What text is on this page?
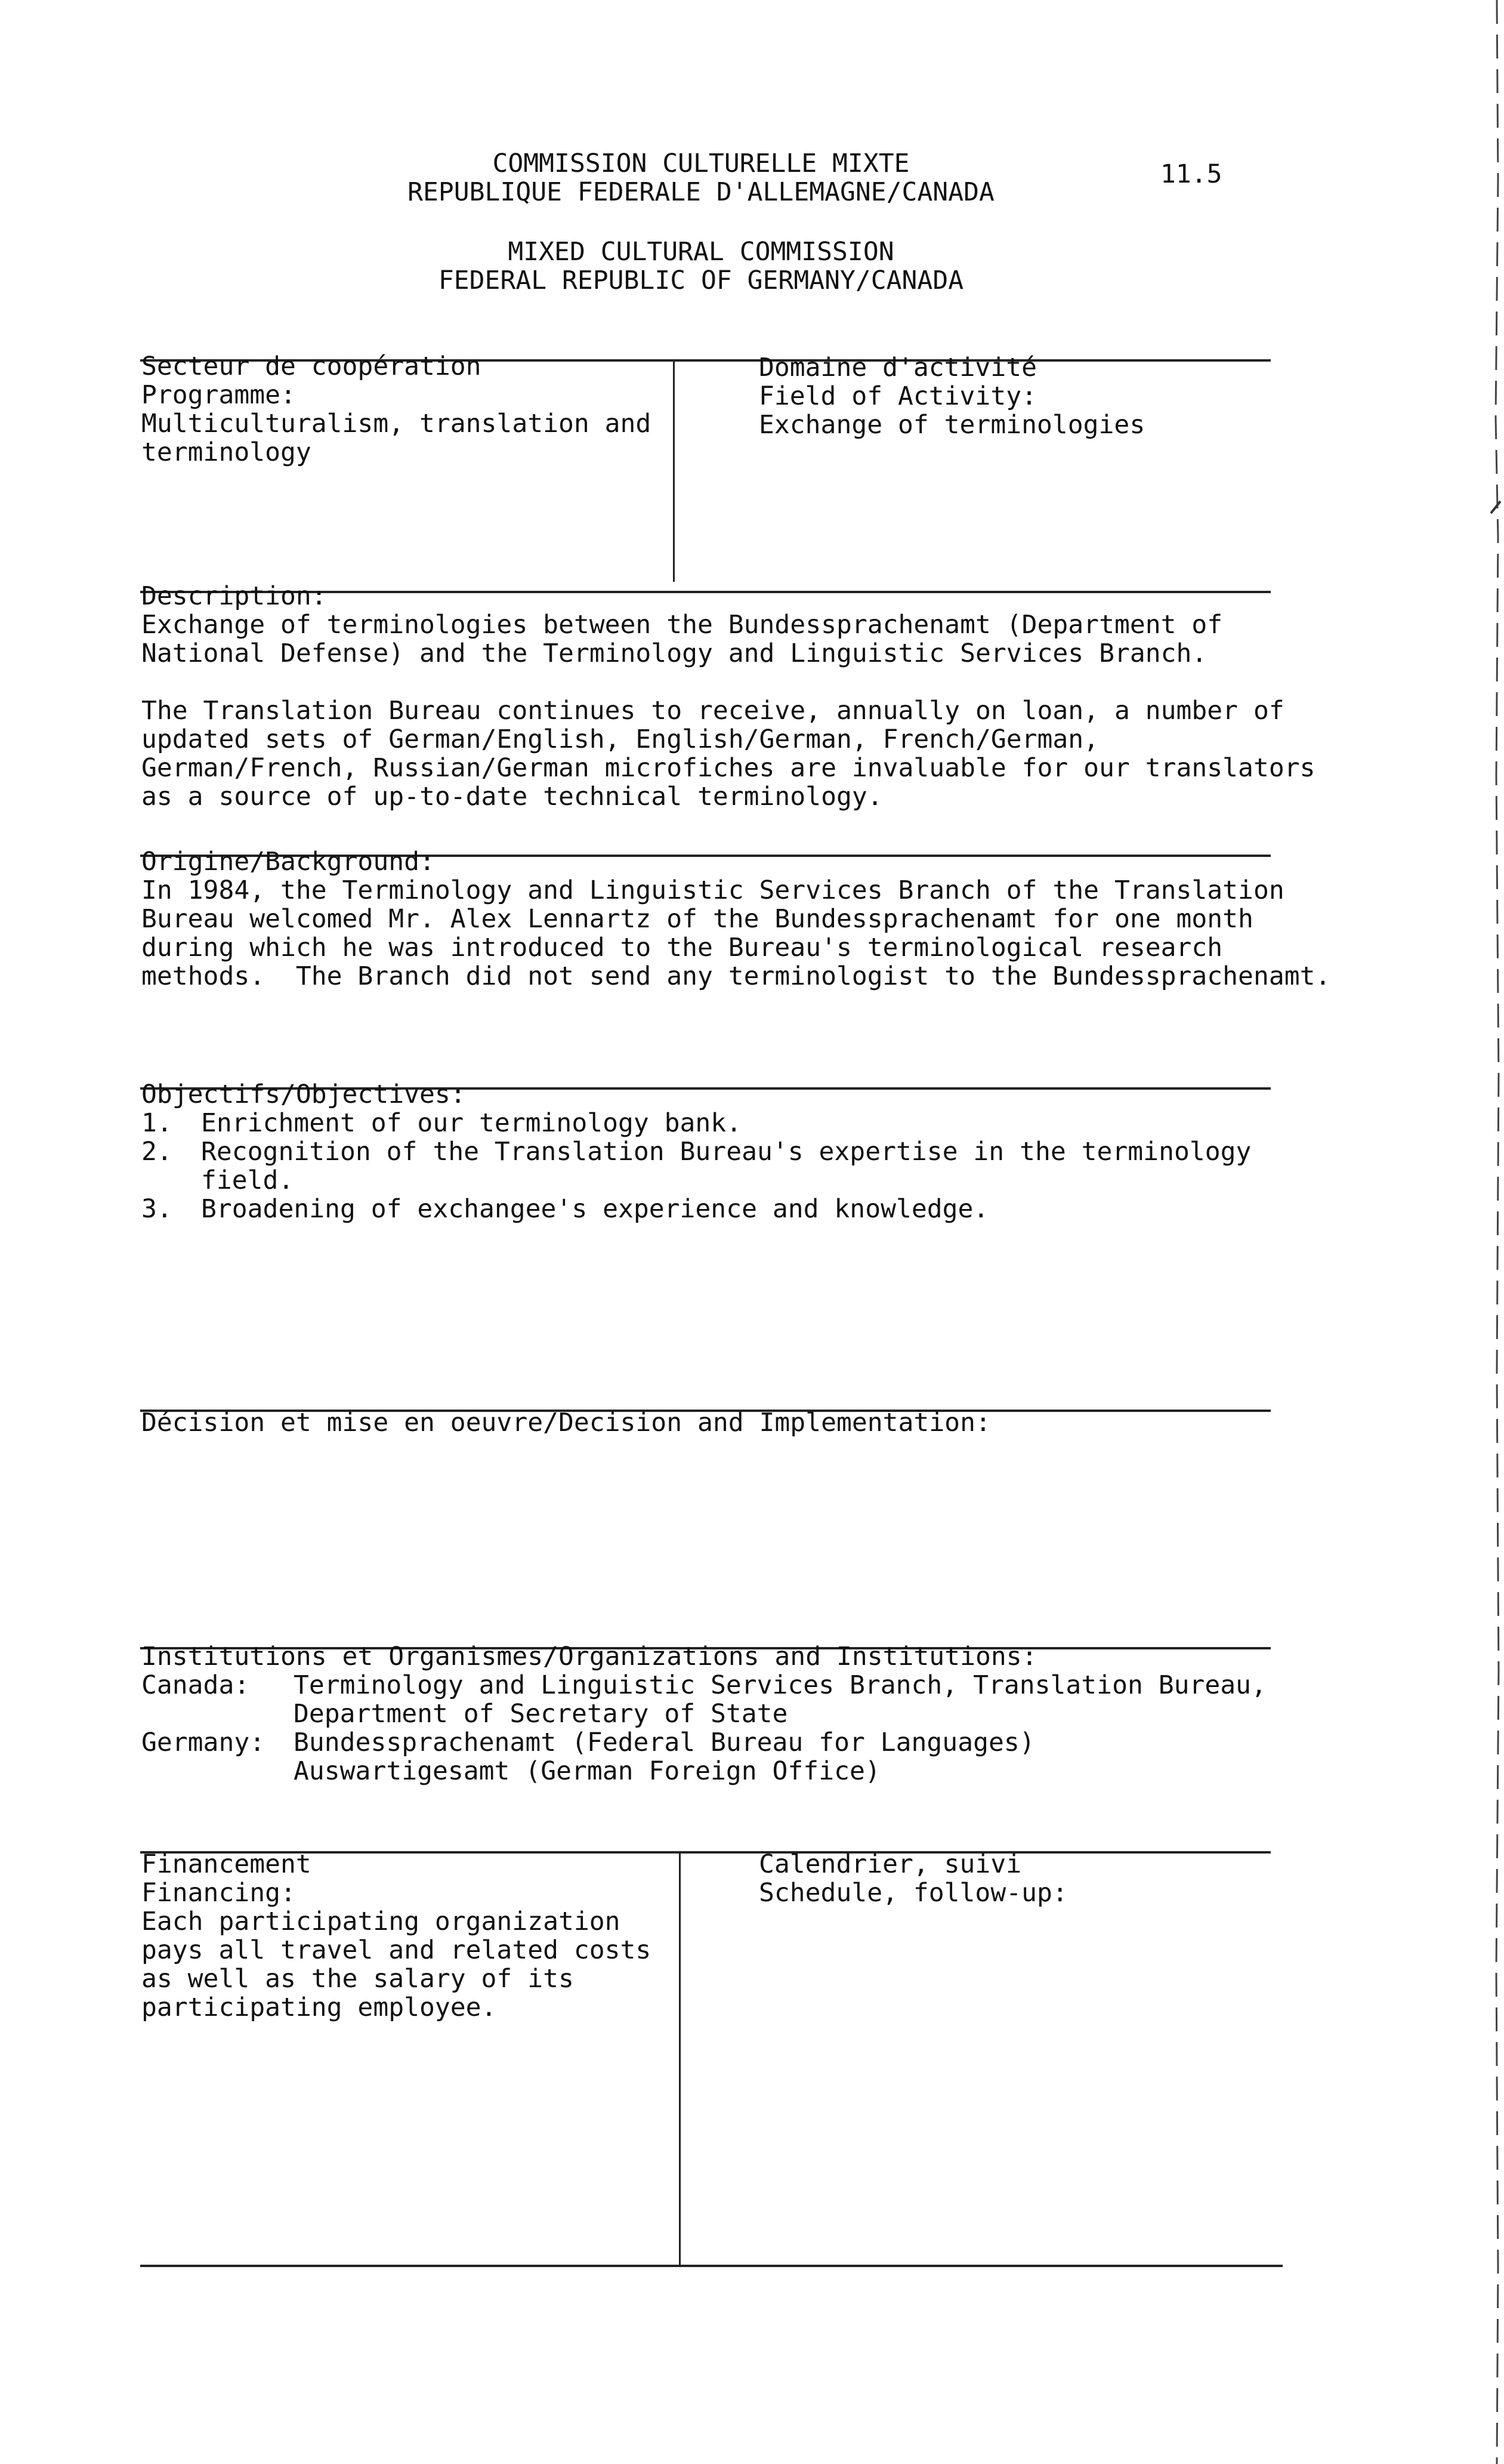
COMMISSION CULTURELLE MIXTE
REPUBLIQUE FEDERALE D'ALLEMAGNE/CANADA
11.5
MIXED CULTURAL COMMISSION
FEDERAL REPUBLIC OF GERMANY/CANADA
Secteur de coopération
Programme:
Multiculturalism, translation and
terminology
Domaine d'activité
Field of Activity:
Exchange of terminologies
Description:
Exchange of terminologies between the Bundessprachenamt (Department of
National Defense) and the Terminology and Linguistic Services Branch.
The Translation Bureau continues to receive, annually on loan, a number of
updated sets of German/English, English/German, French/German,
German/French, Russian/German microfiches are invaluable for our translators
as a source of up-to-date technical terminology.
Origine/Background:
In 1984, the Terminology and Linguistic Services Branch of the Translation
Bureau welcomed Mr. Alex Lennartz of the Bundessprachenamt for one month
during which he was introduced to the Bureau's terminological research
methods.  The Branch did not send any terminologist to the Bundessprachenamt.
Objectifs/Objectives:
1. Enrichment of our terminology bank.
2. Recognition of the Translation Bureau's expertise in the terminology
field.
3. Broadening of exchangee's experience and knowledge.
Décision et mise en oeuvre/Decision and Implementation:
Institutions et Organismes/Organizations and Institutions:
Canada: Terminology and Linguistic Services Branch, Translation Bureau,
Department of Secretary of State
Germany: Bundessprachenamt (Federal Bureau for Languages)
Auswartigesamt (German Foreign Office)
Financement
Financing:
Each participating organization
pays all travel and related costs
as well as the salary of its
participating employee.
Calendrier, suivi
Schedule, follow-up:
